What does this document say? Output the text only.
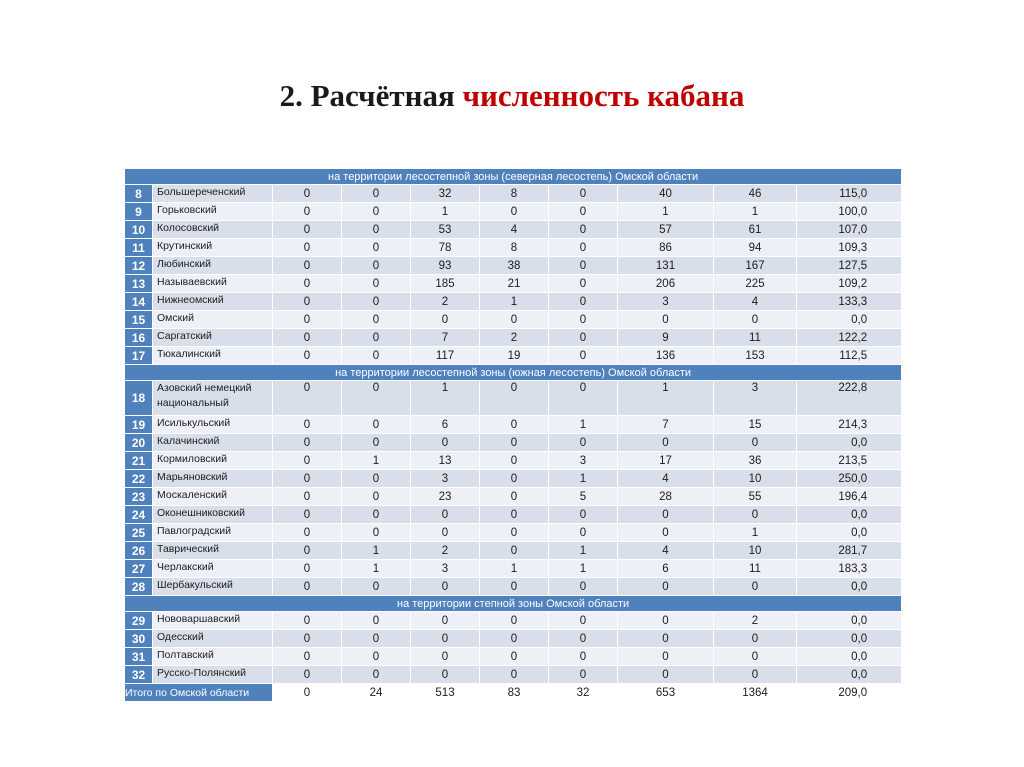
2. Расчётная численность кабана
на территории лесостепной зоны (северная лесостепь) Омской области									
8	Большереченский	0	0	32	8	0	40	46	115,0
9	Горьковский	0	0	1	0	0	1	1	100,0
10	Колосовский	0	0	53	4	0	57	61	107,0
11	Крутинский	0	0	78	8	0	86	94	109,3
12	Любинский	0	0	93	38	0	131	167	127,5
13	Называевский	0	0	185	21	0	206	225	109,2
14	Нижнеомский	0	0	2	1	0	3	4	133,3
15	Омский	0	0	0	0	0	0	0	0,0
16	Саргатский	0	0	7	2	0	9	11	122,2
17	Тюкалинский	0	0	117	19	0	136	153	112,5
на территории лесостепной зоны (южная лесостепь) Омской области									
18	Азовский немецкий национальный	0	0	1	0	0	1	3	222,8
19	Исилькульский	0	0	6	0	1	7	15	214,3
20	Калачинский	0	0	0	0	0	0	0	0,0
21	Кормиловский	0	1	13	0	3	17	36	213,5
22	Марьяновский	0	0	3	0	1	4	10	250,0
23	Москаленский	0	0	23	0	5	28	55	196,4
24	Оконешниковский	0	0	0	0	0	0	0	0,0
25	Павлоградский	0	0	0	0	0	0	1	0,0
26	Таврический	0	1	2	0	1	4	10	281,7
27	Черлакский	0	1	3	1	1	6	11	183,3
28	Шербакульский	0	0	0	0	0	0	0	0,0
на территории степной зоны Омской области									
29	Нововаршавский	0	0	0	0	0	0	2	0,0
30	Одесский	0	0	0	0	0	0	0	0,0
31	Полтавский	0	0	0	0	0	0	0	0,0
32	Русско-Полянский	0	0	0	0	0	0	0	0,0
Итого по Омской области		0	24	513	83	32	653	1364	209,0
